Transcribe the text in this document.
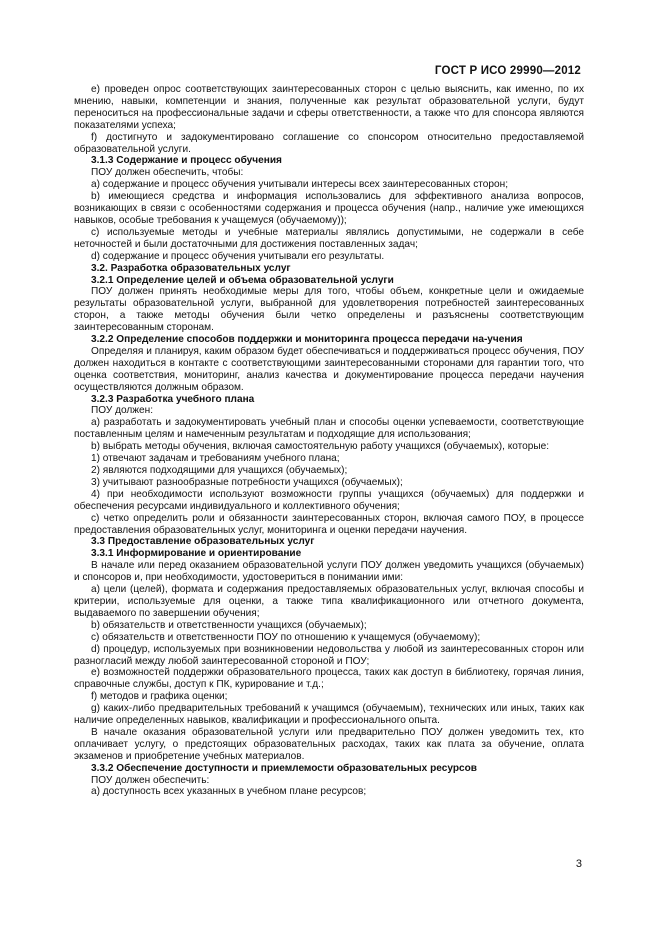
ГОСТ Р ИСО 29990—2012

e) проведен опрос соответствующих заинтересованных сторон с целью выяснить, как именно, по их мнению, навыки, компетенции и знания, полученные как результат образовательной услуги, будут переноситься на профессиональные задачи и сферы ответственности, а также что для спонсора являются показателями успеха;

f) достигнуто и задокументировано соглашение со спонсором относительно предоставляемой образовательной услуги.

3.1.3 Содержание и процесс обучения

ПОУ должен обеспечить, чтобы:

a) содержание и процесс обучения учитывали интересы всех заинтересованных сторон;

b) имеющиеся средства и информация использовались для эффективного анализа вопросов, возникающих в связи с особенностями содержания и процесса обучения (напр., наличие уже имеющихся навыков, особые требования к учащемуся (обучаемому));

c) используемые методы и учебные материалы являлись допустимыми, не содержали в себе неточностей и были достаточными для достижения поставленных задач;

d) содержание и процесс обучения учитывали его результаты.

3.2. Разработка образовательных услуг

3.2.1 Определение целей и объема образовательной услуги

ПОУ должен принять необходимые меры для того, чтобы объем, конкретные цели и ожидаемые результаты образовательной услуги, выбранной для удовлетворения потребностей заинтересованных сторон, а также методы обучения были четко определены и разъяснены соответствующим заинтересованным сторонам.

3.2.2 Определение способов поддержки и мониторинга процесса передачи на-учения

Определяя и планируя, каким образом будет обеспечиваться и поддерживаться процесс обучения, ПОУ должен находиться в контакте с соответствующими заинтересованными сторонами для гарантии того, что оценка соответствия, мониторинг, анализ качества и документирование процесса передачи научения осуществляются должным образом.

3.2.3 Разработка учебного плана

ПОУ должен:

a) разработать и задокументировать учебный план и способы оценки успеваемости, соответствующие поставленным целям и намеченным результатам и подходящие для использования;

b) выбрать методы обучения, включая самостоятельную работу учащихся (обучаемых), которые:

1) отвечают задачам и требованиям учебного плана;

2) являются подходящими для учащихся (обучаемых);

3) учитывают разнообразные потребности учащихся (обучаемых);

4) при необходимости используют возможности группы учащихся (обучаемых) для поддержки и обеспечения ресурсами индивидуального и коллективного обучения;

c) четко определить роли и обязанности заинтересованных сторон, включая самого ПОУ, в процессе предоставления образовательных услуг, мониторинга и оценки передачи научения.

3.3 Предоставление образовательных услуг

3.3.1 Информирование и ориентирование

В начале или перед оказанием образовательной услуги ПОУ должен уведомить учащихся (обучаемых) и спонсоров и, при необходимости, удостовериться в понимании ими:

a) цели (целей), формата и содержания предоставляемых образовательных услуг, включая способы и критерии, используемые для оценки, а также типа квалификационного или отчетного документа, выдаваемого по завершении обучения;

b) обязательств и ответственности учащихся (обучаемых);

c) обязательств и ответственности ПОУ по отношению к учащемуся (обучаемому);

d) процедур, используемых при возникновении недовольства у любой из заинтересованных сторон или разногласий между любой заинтересованной стороной и ПОУ;

e) возможностей поддержки образовательного процесса, таких как доступ в библиотеку, горячая линия, справочные службы, доступ к ПК, курирование и т.д.;

f) методов и графика оценки;

g) каких-либо предварительных требований к учащимся (обучаемым), технических или иных, таких как наличие определенных навыков, квалификации и профессионального опыта.

В начале оказания образовательной услуги или предварительно ПОУ должен уведомить тех, кто оплачивает услугу, о предстоящих образовательных расходах, таких как плата за обучение, оплата экзаменов и приобретение учебных материалов.

3.3.2 Обеспечение доступности и приемлемости образовательных ресурсов

ПОУ должен обеспечить:

a) доступность всех указанных в учебном плане ресурсов;

3
